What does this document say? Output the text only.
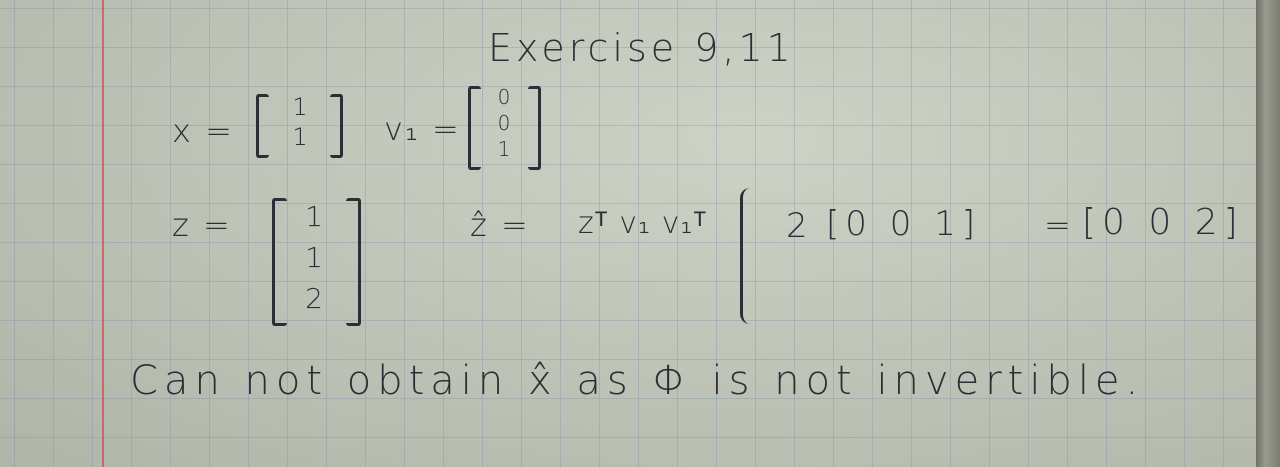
Exercise 9,11
x =
1
1 v₁ =
0
0
1
z =	1
1
2
ẑ = zᵀ v₁ v₁ᵀ 2 [0 0 1] = [0 0 2]
Can not obtain x̂ as Φ is not invertible.
